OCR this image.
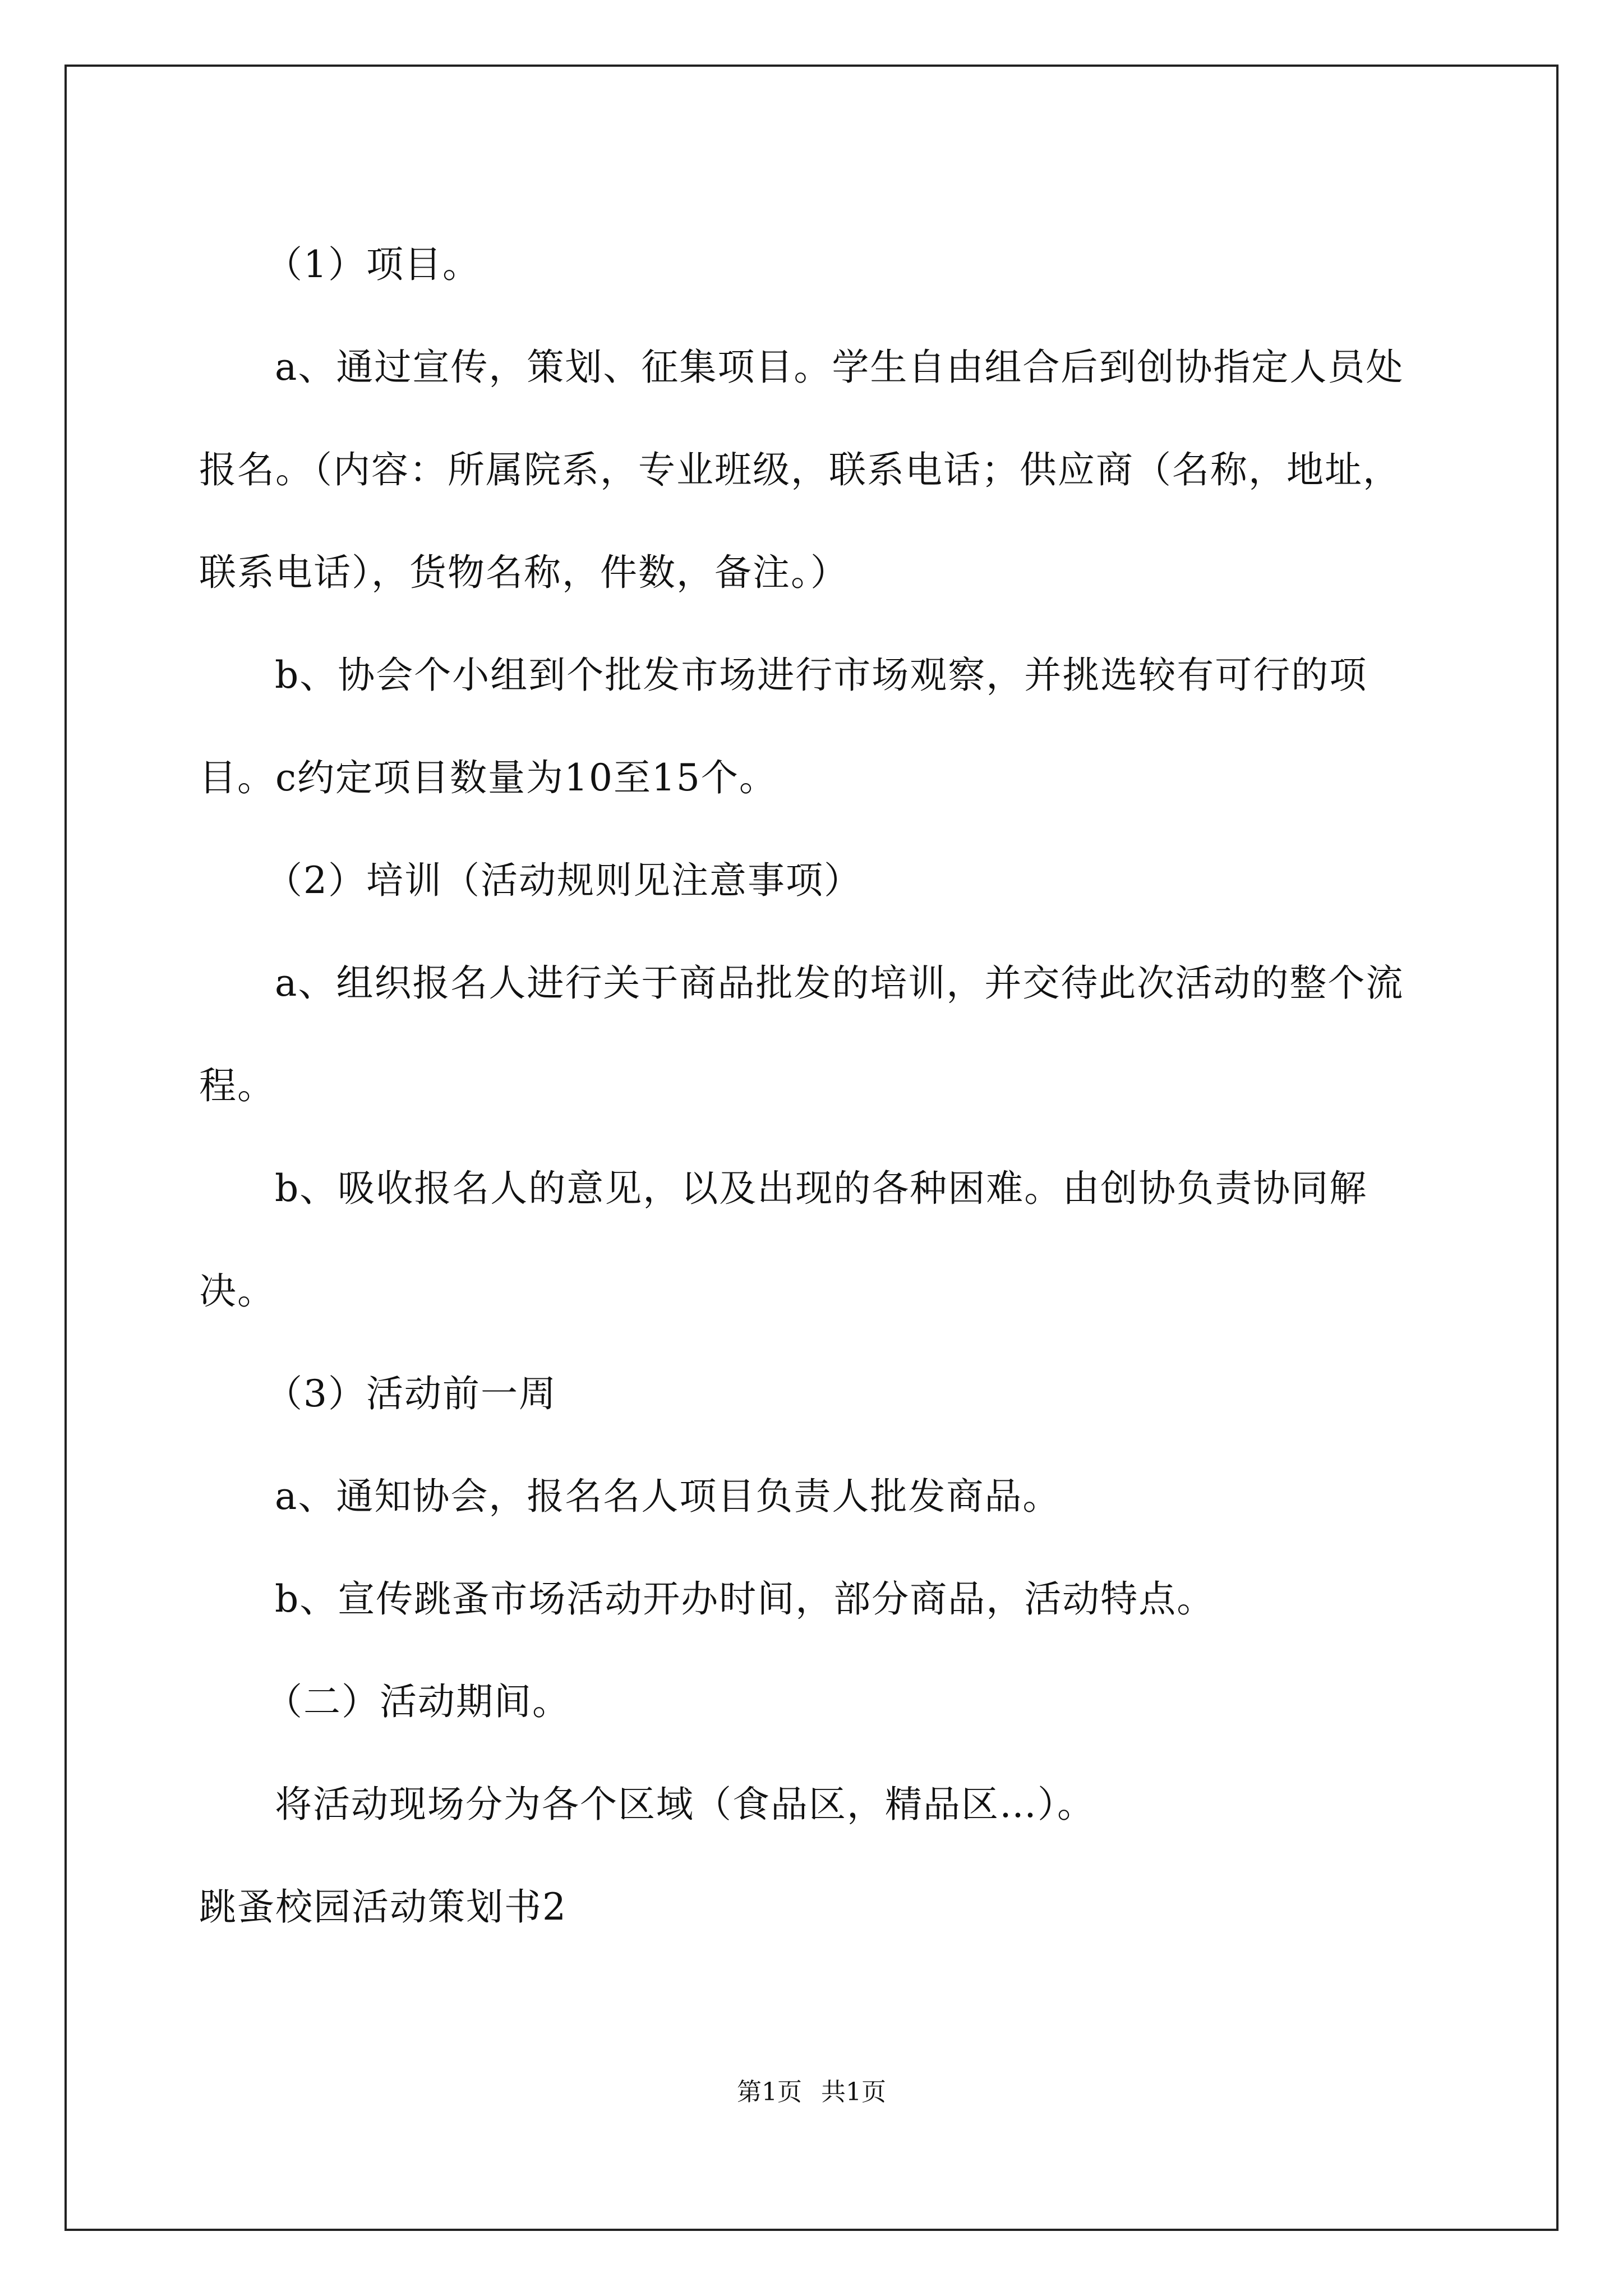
（1）项目。

a、通过宣传，策划、征集项目。学生自由组合后到创协指定人员处报名。（内容：所属院系，专业班级，联系电话；供应商（名称，地址，联系电话），货物名称，件数，备注。）

b、协会个小组到个批发市场进行市场观察，并挑选较有可行的项目。c约定项目数量为10至15个。

（2）培训（活动规则见注意事项）

a、组织报名人进行关于商品批发的培训，并交待此次活动的整个流程。

b、吸收报名人的意见，以及出现的各种困难。由创协负责协同解决。

（3）活动前一周

a、通知协会，报名名人项目负责人批发商品。

b、宣传跳蚤市场活动开办时间，部分商品，活动特点。

（二）活动期间。

将活动现场分为各个区域（食品区，精品区…）。

跳蚤校园活动策划书2

第1页 共1页
